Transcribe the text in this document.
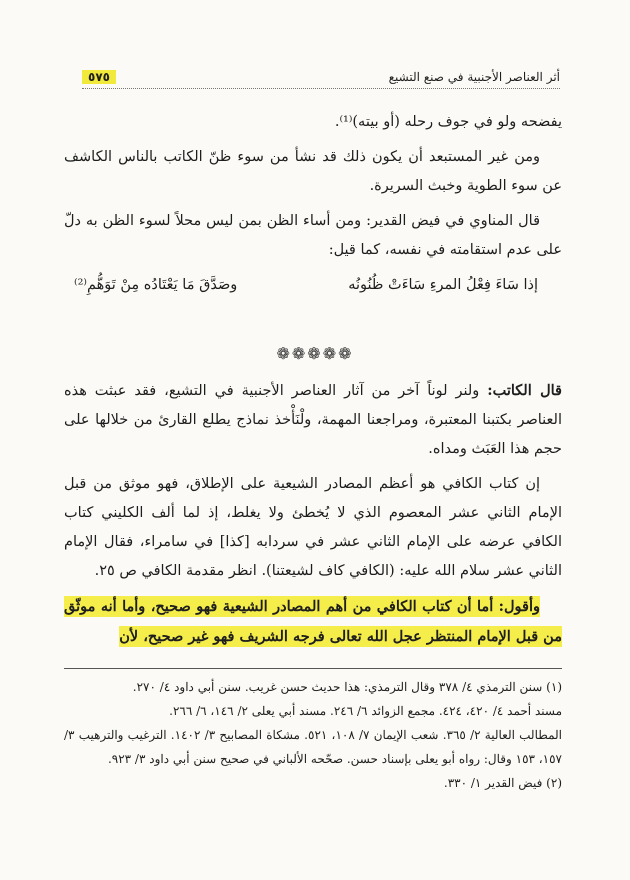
أثر العناصر الأجنبية في صنع التشيع
٥٧٥

يفضحه ولو في جوف رحله (أو بيته)⁽¹⁾.

ومن غير المستبعد أن يكون ذلك قد نشأ من سوء ظنّ الكاتب بالناس الكاشف عن سوء الطوية وخبث السريرة.

قال المناوي في فيض القدير: ومن أساء الظن بمن ليس محلاً لسوء الظن به دلّ على عدم استقامته في نفسه، كما قيل:

إذا سَاءَ فِعْلُ المرءِ سَاءَتْ ظُنُونُه
وصَدَّقَ مَا يَعْتَادُه مِنْ تَوَهُّمِ⁽²⁾
❁❁❁❁❁

قال الكاتب: ولنر لوناً آخر من آثار العناصر الأجنبية في التشيع، فقد عبثت هذه العناصر بكتبنا المعتبرة، ومراجعنا المهمة، ولْنَأْخذ نماذج يطلع القارئ من خلالها على حجم هذا العَبَث ومداه.

إن كتاب الكافي هو أعظم المصادر الشيعية على الإطلاق، فهو موثق من قبل الإمام الثاني عشر المعصوم الذي لا يُخطئ ولا يغلط، إذ لما ألف الكليني كتاب الكافي عرضه على الإمام الثاني عشر في سردابه [كذا] في سامراء، فقال الإمام الثاني عشر سلام الله عليه: (الكافي كاف لشيعتنا). انظر مقدمة الكافي ص ٢٥.

وأقول: أما أن كتاب الكافي من أهم المصادر الشيعية فهو صحيح، وأما أنه موثّق من قبل الإمام المنتظر عجل الله تعالى فرجه الشريف فهو غير صحيح، لأن

(١) سنن الترمذي ٤/ ٣٧٨ وقال الترمذي: هذا حديث حسن غريب. سنن أبي داود ٤/ ٢٧٠.

مسند أحمد ٤/ ٤٢٠، ٤٢٤. مجمع الزوائد ٦/ ٢٤٦. مسند أبي يعلى ٢/ ١٤٦، ٦/ ٢٦٦.

المطالب العالية ٢/ ٣٦٥. شعب الإيمان ٧/ ١٠٨، ٥٢١. مشكاة المصابيح ٣/ ١٤٠٢. الترغيب والترهيب ٣/ ١٥٧، ١٥٣ وقال: رواه أبو يعلى بإسناد حسن. صحّحه الألباني في صحيح سنن أبي داود ٣/ ٩٢٣.

(٢) فيض القدير ١/ ٣٣٠.
